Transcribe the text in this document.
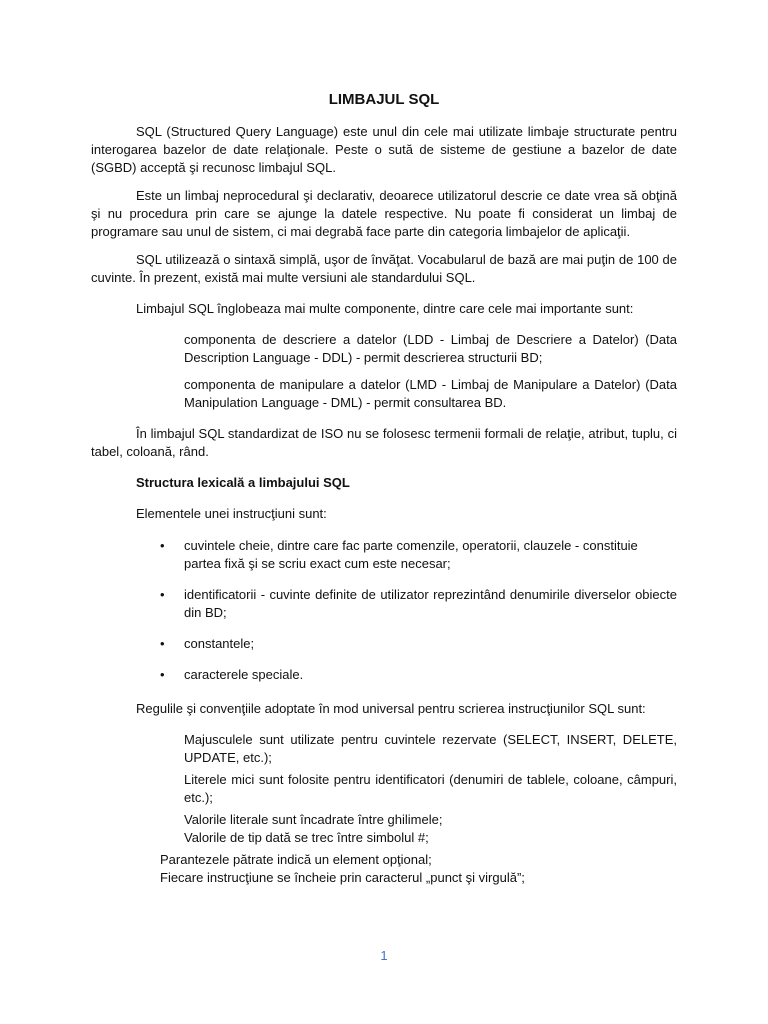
LIMBAJUL SQL

SQL (Structured Query Language) este unul din cele mai utilizate limbaje structurate pentru interogarea bazelor de date relaţionale. Peste o sută de sisteme de gestiune a bazelor de date (SGBD) acceptă şi recunosc limbajul SQL.

Este un limbaj neprocedural şi declarativ, deoarece utilizatorul descrie ce date vrea să obţină şi nu procedura prin care se ajunge la datele respective. Nu poate fi considerat un limbaj de programare sau unul de sistem, ci mai degrabă face parte din categoria limbajelor de aplicaţii.

SQL utilizează o sintaxă simplă, uşor de învăţat. Vocabularul de bază are mai puţin de 100 de cuvinte. În prezent, există mai multe versiuni ale standardului SQL.

Limbajul SQL înglobeaza mai multe componente, dintre care cele mai importante sunt:

componenta de descriere a datelor (LDD - Limbaj de Descriere a Datelor) (Data Description Language - DDL) - permit descrierea structurii BD;

componenta de manipulare a datelor (LMD - Limbaj de Manipulare a Datelor) (Data Manipulation Language - DML) - permit consultarea BD.

În limbajul SQL standardizat de ISO nu se folosesc termenii formali de relaţie, atribut, tuplu, ci tabel, coloană, rând.

Structura lexicală a limbajului SQL

Elementele unei instrucţiuni sunt:

• cuvintele cheie, dintre care fac parte comenzile, operatorii, clauzele - constituie partea fixă şi se scriu exact cum este necesar;
• identificatorii - cuvinte definite de utilizator reprezintând denumirile diverselor obiecte din BD;
• constantele;
• caracterele speciale.

Regulile şi convenţiile adoptate în mod universal pentru scrierea instrucţiunilor SQL sunt:

Majusculele sunt utilizate pentru cuvintele rezervate (SELECT, INSERT, DELETE, UPDATE, etc.);

Literele mici sunt folosite pentru identificatori (denumiri de tablele, coloane, câmpuri, etc.);

Valorile literale sunt încadrate între ghilimele;

Valorile de tip dată se trec între simbolul #;

Parantezele pătrate indică un element opţional;

Fiecare instrucţiune se încheie prin caracterul „punct şi virgulă”;

1
